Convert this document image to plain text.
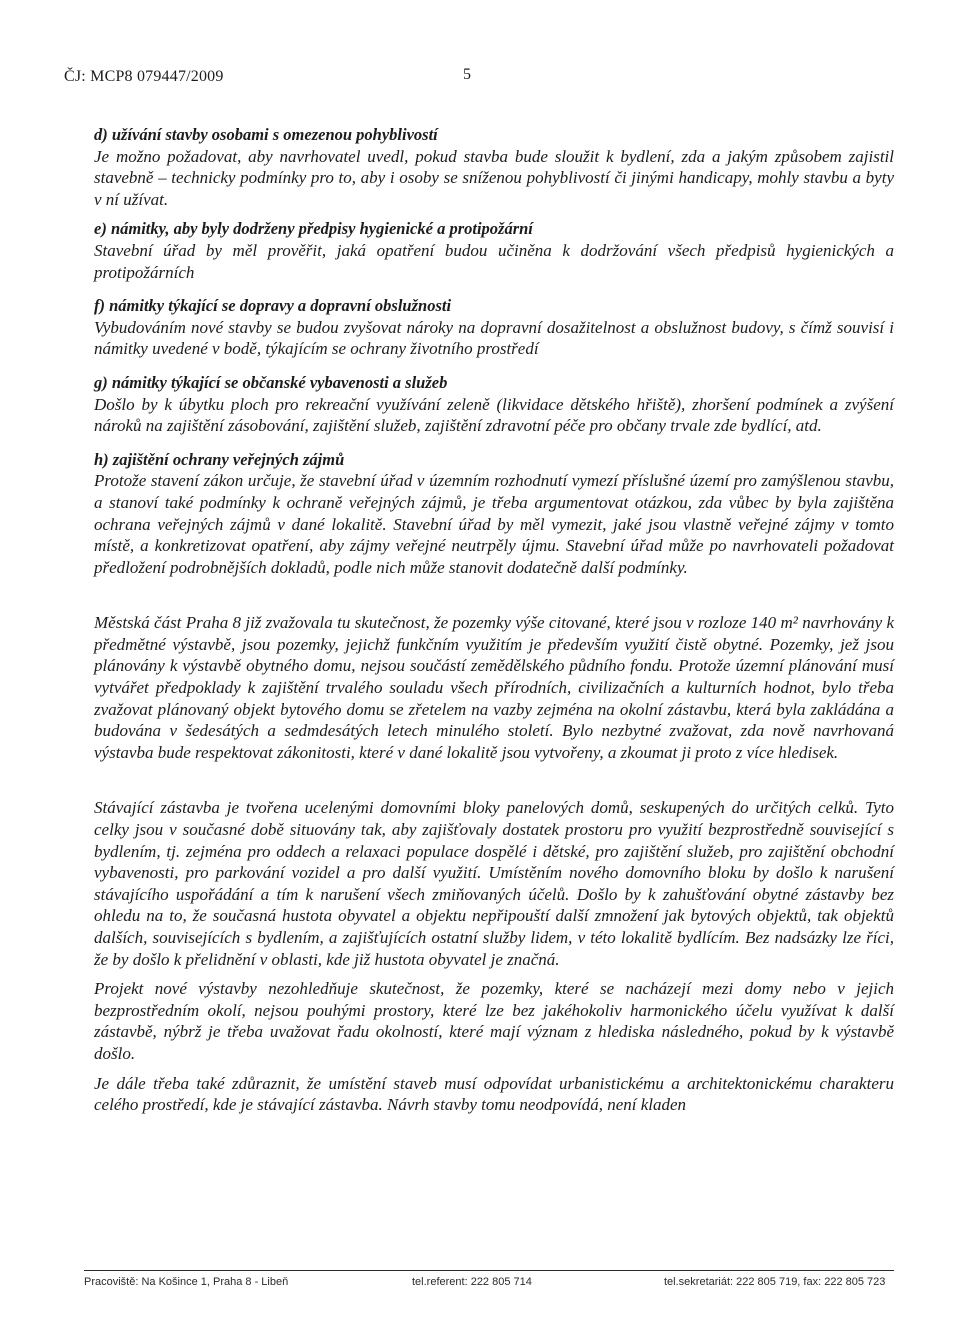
ČJ: MCP8 079447/2009	5

d) užívání stavby osobami s omezenou pohyblivostí

Je možno požadovat, aby navrhovatel uvedl, pokud stavba bude sloužit k bydlení, zda a jakým způsobem zajistil stavebně – technicky podmínky pro to, aby i osoby se sníženou pohyblivostí či jinými handicapy, mohly stavbu a byty v ní užívat.

e) námitky, aby byly dodrženy předpisy hygienické a protipožární

Stavební úřad by měl prověřit, jaká opatření budou učiněna k dodržování všech předpisů hygienických a protipožárních

f) námitky týkající se dopravy a dopravní obslužnosti

Vybudováním nové stavby se budou zvyšovat nároky na dopravní dosažitelnost a obslužnost budovy, s čímž souvisí i námitky uvedené v bodě, týkajícím se ochrany životního prostředí

g) námitky týkající se občanské vybavenosti a služeb

Došlo by k úbytku ploch pro rekreační využívání zeleně (likvidace dětského hřiště), zhoršení podmínek a zvýšení nároků na zajištění zásobování, zajištění služeb, zajištění zdravotní péče pro občany trvale zde bydlící, atd.

h) zajištění ochrany veřejných zájmů

Protože stavení zákon určuje, že stavební úřad v územním rozhodnutí vymezí příslušné území pro zamýšlenou stavbu, a stanoví také podmínky k ochraně veřejných zájmů, je třeba argumentovat otázkou, zda vůbec by byla zajištěna ochrana veřejných zájmů v dané lokalitě. Stavební úřad by měl vymezit, jaké jsou vlastně veřejné zájmy v tomto místě, a konkretizovat opatření, aby zájmy veřejné neutrpěly újmu. Stavební úřad může po navrhovateli požadovat předložení podrobnějších dokladů, podle nich může stanovit dodatečně další podmínky.

Městská část Praha 8 již zvažovala tu skutečnost, že pozemky výše citované, které jsou v rozloze 140 m² navrhovány k předmětné výstavbě, jsou pozemky, jejichž funkčním využitím je především využití čistě obytné. Pozemky, jež jsou plánovány k výstavbě obytného domu, nejsou součástí zemědělského půdního fondu. Protože územní plánování musí vytvářet předpoklady k zajištění trvalého souladu všech přírodních, civilizačních a kulturních hodnot, bylo třeba zvažovat plánovaný objekt bytového domu se zřetelem na vazby zejména na okolní zástavbu, která byla zakládána a budována v šedesátých a sedmdesátých letech minulého století. Bylo nezbytné zvažovat, zda nově navrhovaná výstavba bude respektovat zákonitosti, které v dané lokalitě jsou vytvořeny, a zkoumat ji proto z více hledisek.

Stávající zástavba je tvořena ucelenými domovními bloky panelových domů, seskupených do určitých celků. Tyto celky jsou v současné době situovány tak, aby zajišťovaly dostatek prostoru pro využití bezprostředně související s bydlením, tj. zejména pro oddech a relaxaci populace dospělé i dětské, pro zajištění služeb, pro zajištění obchodní vybavenosti, pro parkování vozidel a pro další využití. Umístěním nového domovního bloku by došlo k narušení stávajícího uspořádání a tím k narušení všech zmiňovaných účelů. Došlo by k zahušťování obytné zástavby bez ohledu na to, že současná hustota obyvatel a objektu nepřipouští další zmnožení jak bytových objektů, tak objektů dalších, souvisejících s bydlením, a zajišťujících ostatní služby lidem, v této lokalitě bydlícím. Bez nadsázky lze říci, že by došlo k přelidnění v oblasti, kde již hustota obyvatel je značná.

Projekt nové výstavby nezohledňuje skutečnost, že pozemky, které se nacházejí mezi domy nebo v jejich bezprostředním okolí, nejsou pouhými prostory, které lze bez jakéhokoliv harmonického účelu využívat k další zástavbě, nýbrž je třeba uvažovat řadu okolností, které mají význam z hlediska následného, pokud by k výstavbě došlo.

Je dále třeba také zdůraznit, že umístění staveb musí odpovídat urbanistickému a architektonickému charakteru celého prostředí, kde je stávající zástavba. Návrh stavby tomu neodpovídá, není kladen

Pracoviště: Na Košince 1, Praha 8 - Libeň	tel.referent: 222 805 714	tel.sekretariát: 222 805 719, fax: 222 805 723
